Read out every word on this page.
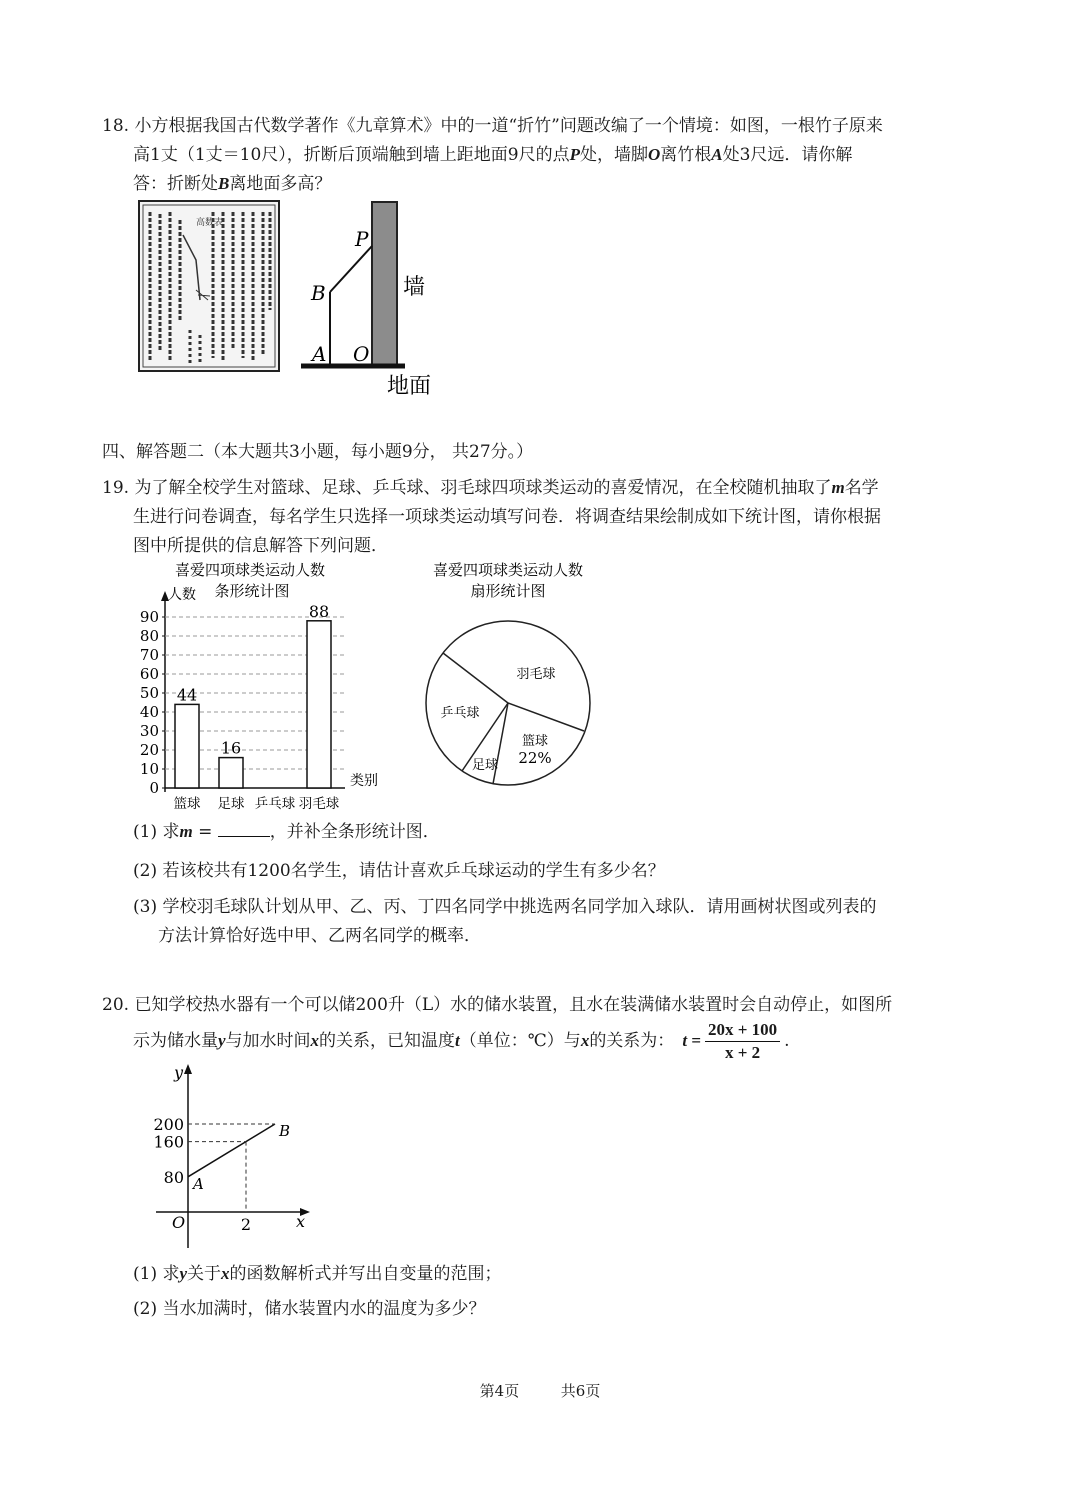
18. 小方根据我国古代数学著作《九章算术》中的一道“折竹”问题改编了一个情境：如图，一根竹子原来
高1丈（1丈＝10尺），折断后顶端触到墙上距地面9尺的点P处，墙脚O离竹根A处3尺远．请你解
答：折断处B离地面多高？
高数表
P
B
A O
墙
地面
四、解答题二（本大题共3小题，每小题9分， 共27分。）
19. 为了解全校学生对篮球、足球、乒乓球、羽毛球四项球类运动的喜爱情况，在全校随机抽取了m名学
生进行问卷调查，每名学生只选择一项球类运动填写问卷．将调查结果绘制成如下统计图，请你根据
图中所提供的信息解答下列问题．
喜爱四项球类运动人数
条形统计图
人数
类别
0
10
20
30
40
50
60
70
80
90
44
篮球
16
足球 乒乓球
88
羽毛球
喜爱四项球类运动人数
扇形统计图
羽毛球
乒乓球
足球
篮球
22%
(1) 求m =	，并补全条形统计图．
(2) 若该校共有1200名学生，请估计喜欢乒乓球运动的学生有多少名？
(3) 学校羽毛球队计划从甲、乙、丙、丁四名同学中挑选两名同学加入球队．请用画树状图或列表的
方法计算恰好选中甲、乙两名同学的概率．
20. 已知学校热水器有一个可以储200升（L）水的储水装置，且水在装满储水装置时会自动停止，如图所
示为储水量y与加水时间x的关系，已知温度t（单位：℃）与x的关系为： $t = \frac{20x + 100}{x + 2}$ .
y
x
O
80
160
200
2
A
B
(1) 求y关于x的函数解析式并写出自变量的范围；
(2) 当水加满时，储水装置内水的温度为多少？
第4页	共6页
